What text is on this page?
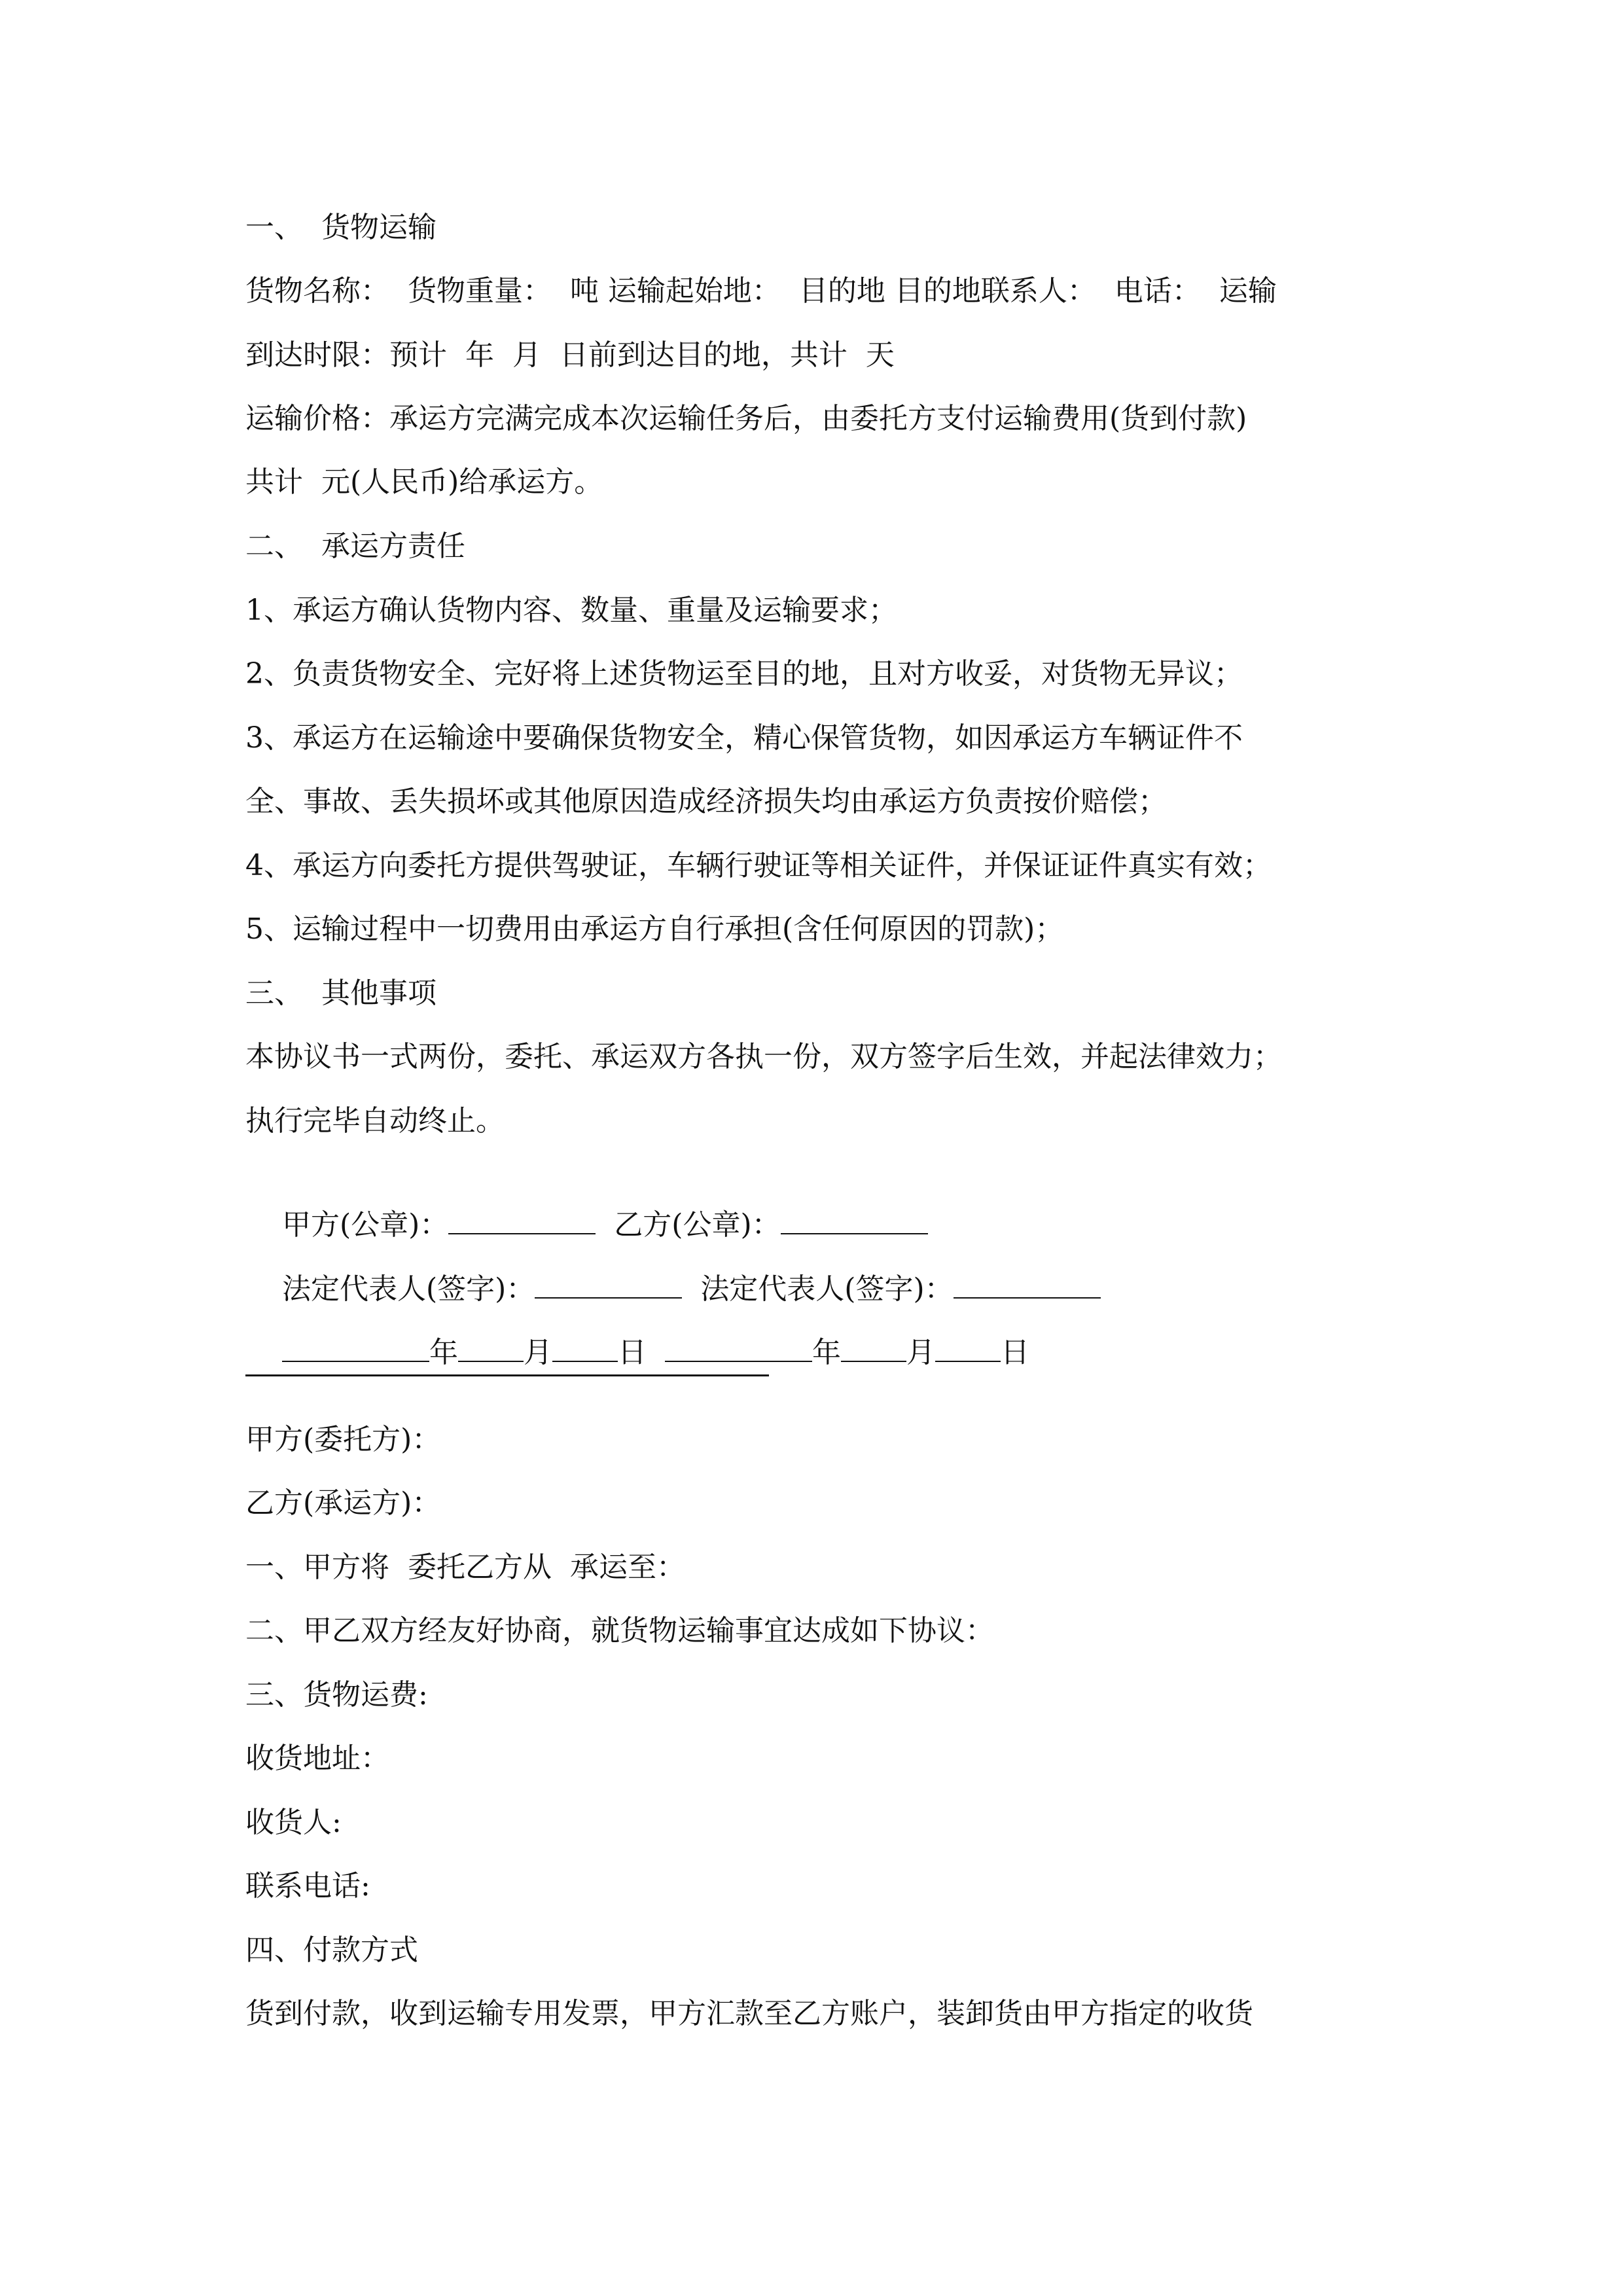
一、  货物运输
货物名称：  货物重量：  吨 运输起始地：  目的地 目的地联系人：  电话：  运输
到达时限：预计  年  月  日前到达目的地，共计  天
运输价格：承运方完满完成本次运输任务后，由委托方支付运输费用(货到付款)
共计  元(人民币)给承运方。
二、  承运方责任
1、承运方确认货物内容、数量、重量及运输要求；
2、负责货物安全、完好将上述货物运至目的地，且对方收妥，对货物无异议；
3、承运方在运输途中要确保货物安全，精心保管货物，如因承运方车辆证件不
全、事故、丢失损坏或其他原因造成经济损失均由承运方负责按价赔偿；
4、承运方向委托方提供驾驶证，车辆行驶证等相关证件，并保证证件真实有效；
5、运输过程中一切费用由承运方自行承担(含任何原因的罚款)；
三、  其他事项
本协议书一式两份，委托、承运双方各执一份，双方签字后生效，并起法律效力；
执行完毕自动终止。

甲方(公章)：	乙方(公章)：

法定代表人(签字)：	法定代表人(签字)：

年 月 日	年 月 日

甲方(委托方)：
乙方(承运方)：
一、甲方将  委托乙方从  承运至：
二、甲乙双方经友好协商，就货物运输事宜达成如下协议：
三、货物运费:
收货地址：
收货人:
联系电话:
四、付款方式
货到付款，收到运输专用发票，甲方汇款至乙方账户，装卸货由甲方指定的收货
